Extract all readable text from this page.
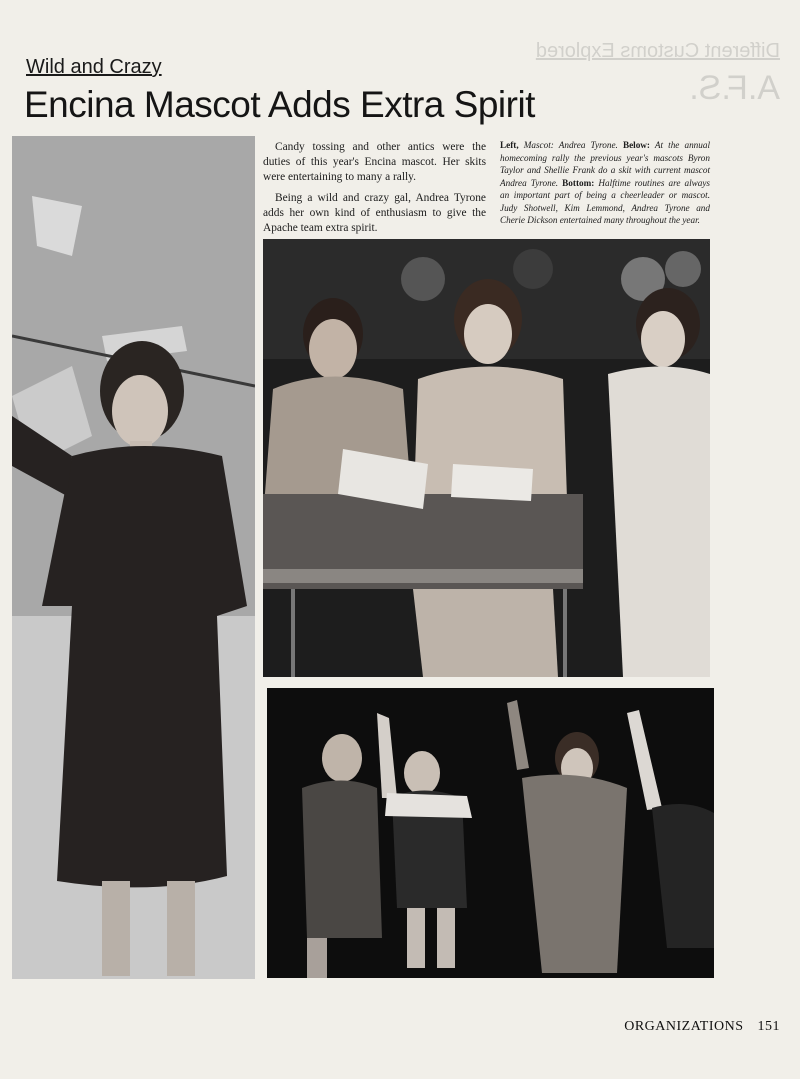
Different Customs Explored
A.F.S.
Wild and Crazy
Encina Mascot Adds Extra Spirit

Candy tossing and other antics were the duties of this year's Encina mascot. Her skits were entertaining to many a rally.

Being a wild and crazy gal, Andrea Tyrone adds her own kind of enthusiasm to give the Apache team extra spirit.

Left, Mascot: Andrea Tyrone. Below: At the annual homecoming rally the previous year's mascots Byron Taylor and Shellie Frank do a skit with current mascot Andrea Tyrone. Bottom: Halftime routines are always an important part of being a cheerleader or mascot. Judy Shotwell, Kim Lemmond, Andrea Tyrone and Cherie Dickson entertained many throughout the year.
ORGANIZATIONS 151
